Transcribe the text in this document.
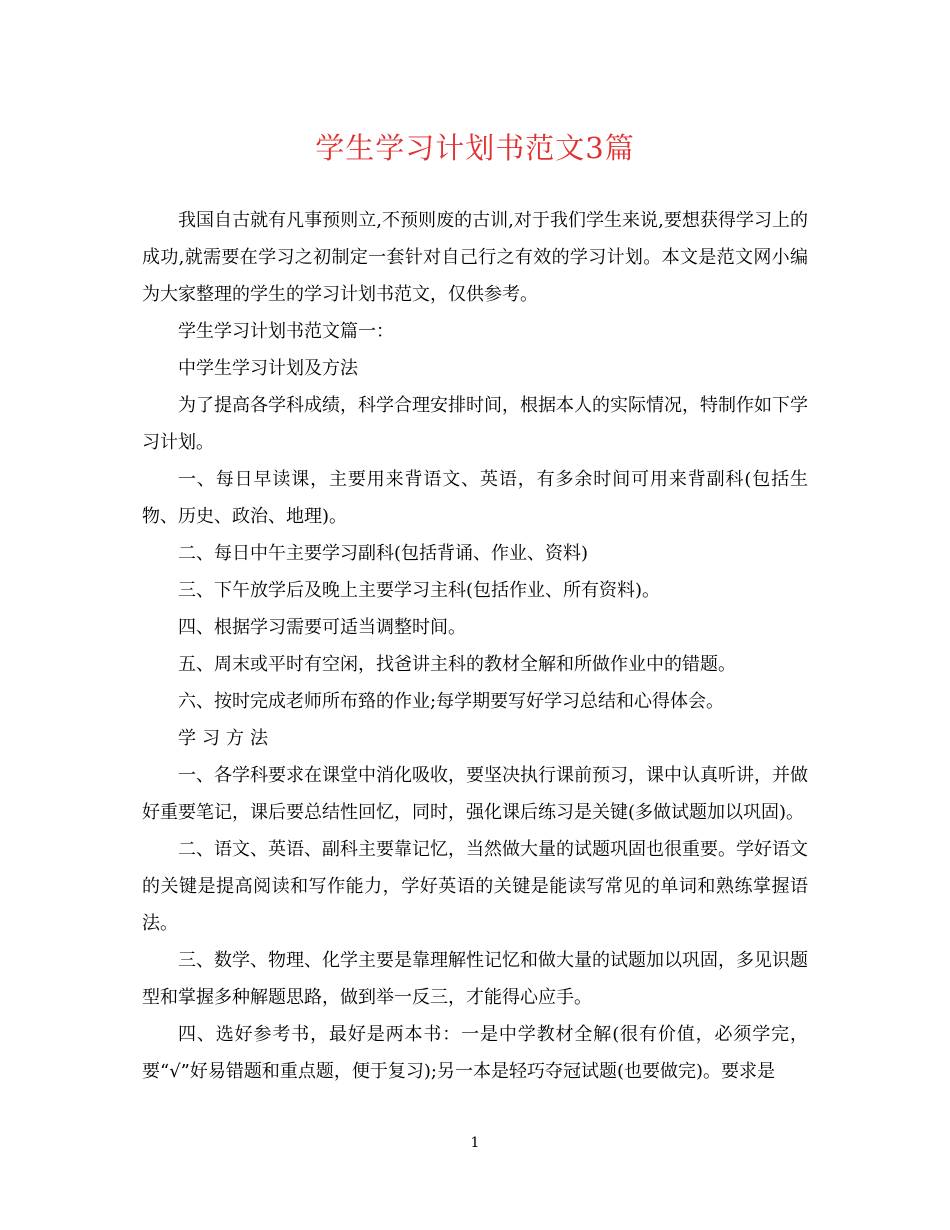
学生学习计划书范文3篇

我国自古就有凡事预则立,不预则废的古训,对于我们学生来说,要想获得学习上的成功,就需要在学习之初制定一套针对自己行之有效的学习计划。本文是范文网小编为大家整理的学生的学习计划书范文，仅供参考。

学生学习计划书范文篇一：

中学生学习计划及方法

为了提高各学科成绩，科学合理安排时间，根据本人的实际情况，特制作如下学习计划。

一、每日早读课，主要用来背语文、英语，有多余时间可用来背副科(包括生物、历史、政治、地理)。

二、每日中午主要学习副科(包括背诵、作业、资料)

三、下午放学后及晚上主要学习主科(包括作业、所有资料)。

四、根据学习需要可适当调整时间。

五、周末或平时有空闲，找爸讲主科的教材全解和所做作业中的错题。

六、按时完成老师所布臵的作业;每学期要写好学习总结和心得体会。

学习方法

一、各学科要求在课堂中消化吸收，要坚决执行课前预习，课中认真听讲，并做好重要笔记，课后要总结性回忆，同时，强化课后练习是关键(多做试题加以巩固)。

二、语文、英语、副科主要靠记忆，当然做大量的试题巩固也很重要。学好语文的关键是提高阅读和写作能力，学好英语的关键是能读写常见的单词和熟练掌握语法。

三、数学、物理、化学主要是靠理解性记忆和做大量的试题加以巩固，多见识题型和掌握多种解题思路，做到举一反三，才能得心应手。

四、选好参考书，最好是两本书：一是中学教材全解(很有价值，必须学完，要“√”好易错题和重点题，便于复习);另一本是轻巧夺冠试题(也要做完)。要求是

1
